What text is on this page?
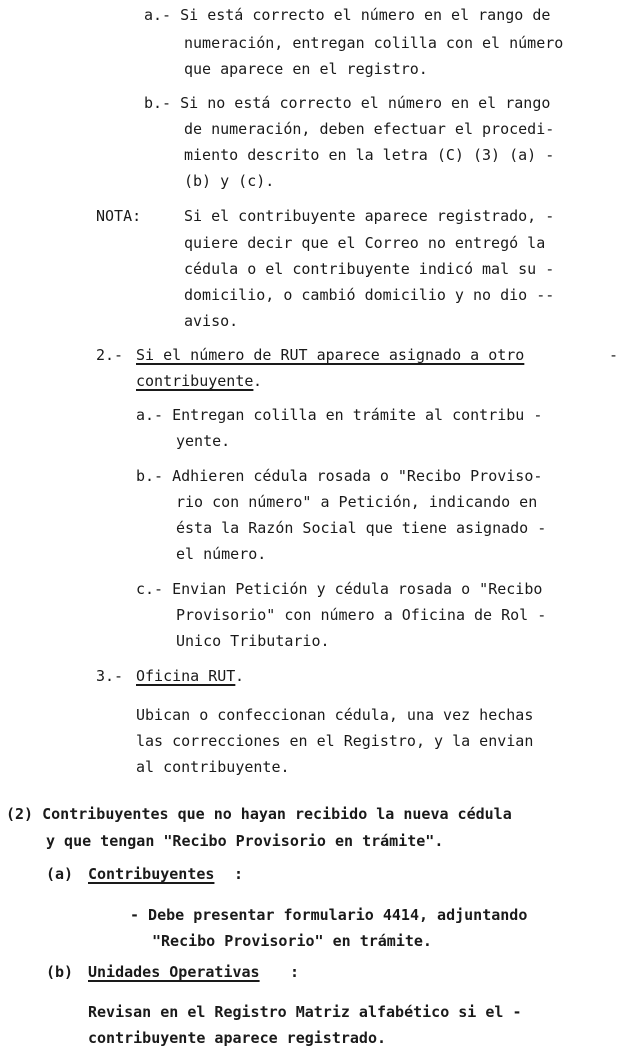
a.- Si está correcto el número en el rango de
numeración, entregan colilla con el número
que aparece en el registro.
b.- Si no está correcto el número en el rango
de numeración, deben efectuar el procedi-
miento descrito en la letra (C) (3) (a) -
(b) y (c).
NOTA:	Si el contribuyente aparece registrado, -
quiere decir que el Correo no entregó la
cédula o el contribuyente indicó mal su -
domicilio, o cambió domicilio y no dio --
aviso.
2.- Si el número de RUT aparece asignado a otro	-
contribuyente .
a.- Entregan colilla en trámite al contribu -
yente.
b.- Adhieren cédula rosada o "Recibo Proviso-
rio con número" a Petición, indicando en
ésta la Razón Social que tiene asignado -
el número.
c.- Envian Petición y cédula rosada o "Recibo
Provisorio" con número a Oficina de Rol -
Unico Tributario.
3.- Oficina RUT .
Ubican o confeccionan cédula, una vez hechas
las correcciones en el Registro, y la envian
al contribuyente.
(2) Contribuyentes que no hayan recibido la nueva cédula
y que tengan "Recibo Provisorio en trámite".
(a) Contribuyentes :
- Debe presentar formulario 4414, adjuntando
"Recibo Provisorio" en trámite.
(b) Unidades Operativas :
Revisan en el Registro Matriz alfabético si el -
contribuyente aparece registrado.
